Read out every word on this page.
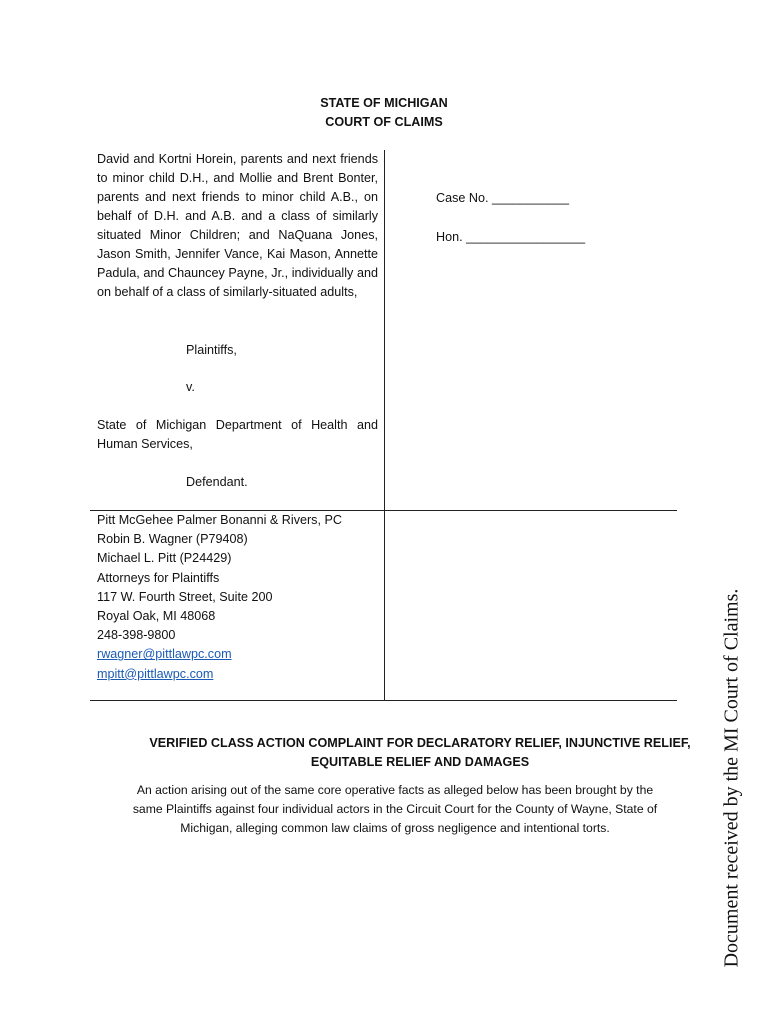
STATE OF MICHIGAN
COURT OF CLAIMS
David and Kortni Horein, parents and next friends to minor child D.H., and Mollie and Brent Bonter, parents and next friends to minor child A.B., on behalf of D.H. and A.B. and a class of similarly situated Minor Children; and NaQuana Jones, Jason Smith, Jennifer Vance, Kai Mason, Annette Padula, and Chauncey Payne, Jr., individually and on behalf of a class of similarly-situated adults,
Plaintiffs,
v.
State of Michigan Department of Health and Human Services,
Defendant.
Case No. ___________
Hon. _________________
Pitt McGehee Palmer Bonanni & Rivers, PC
Robin B. Wagner (P79408)
Michael L. Pitt (P24429)
Attorneys for Plaintiffs
117 W. Fourth Street, Suite 200
Royal Oak, MI 48068
248-398-9800
rwagner@pittlawpc.com
mpitt@pittlawpc.com
VERIFIED CLASS ACTION COMPLAINT FOR DECLARATORY RELIEF, INJUNCTIVE RELIEF,
EQUITABLE RELIEF AND DAMAGES
An action arising out of the same core operative facts as alleged below has been brought by the
same Plaintiffs against four individual actors in the Circuit Court for the County of Wayne, State of
Michigan, alleging common law claims of gross negligence and intentional torts.	Document received by the MI Court of Claims.
